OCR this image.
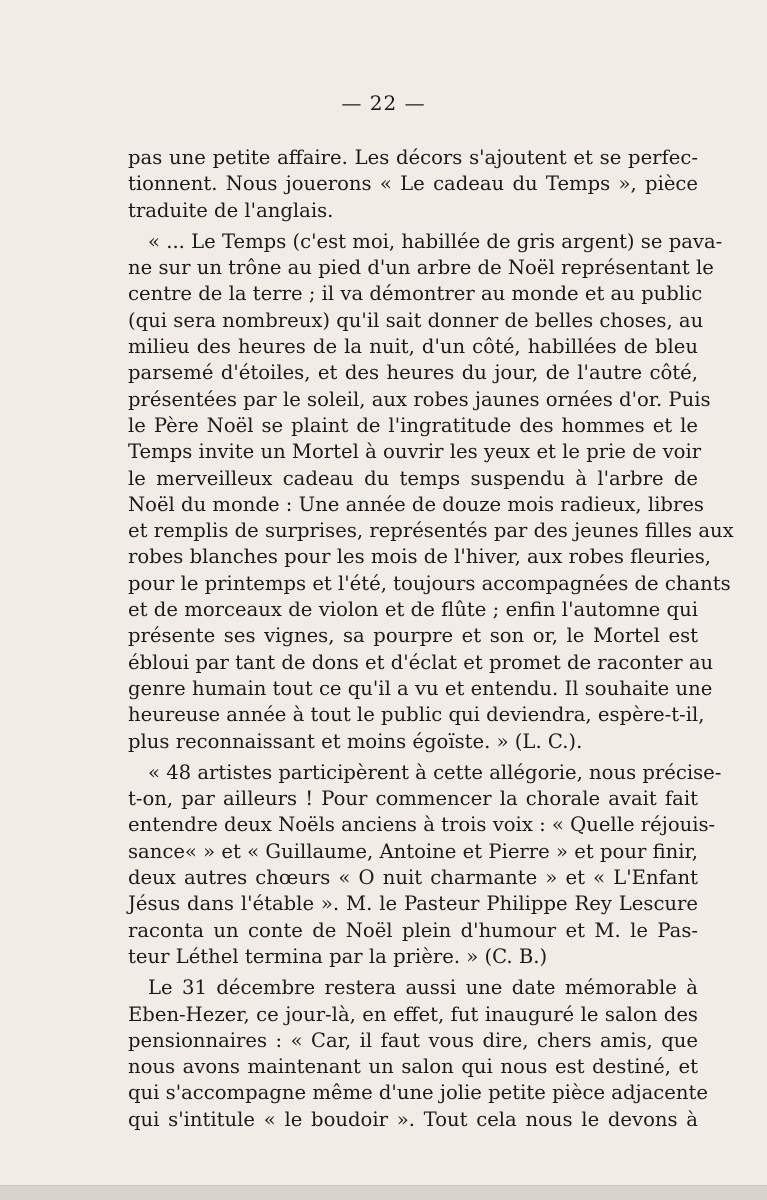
— 22 —
pas une petite affaire. Les décors s'ajoutent et se perfec-
tionnent. Nous jouerons « Le cadeau du Temps », pièce
traduite de l'anglais.
« ... Le Temps (c'est moi, habillée de gris argent) se pava-
ne sur un trône au pied d'un arbre de Noël représentant le
centre de la terre ; il va démontrer au monde et au public
(qui sera nombreux) qu'il sait donner de belles choses, au
milieu des heures de la nuit, d'un côté, habillées de bleu
parsemé d'étoiles, et des heures du jour, de l'autre côté,
présentées par le soleil, aux robes jaunes ornées d'or. Puis
le Père Noël se plaint de l'ingratitude des hommes et le
Temps invite un Mortel à ouvrir les yeux et le prie de voir
le merveilleux cadeau du temps suspendu à l'arbre de
Noël du monde : Une année de douze mois radieux, libres
et remplis de surprises, représentés par des jeunes filles aux
robes blanches pour les mois de l'hiver, aux robes fleuries,
pour le printemps et l'été, toujours accompagnées de chants
et de morceaux de violon et de flûte ; enfin l'automne qui
présente ses vignes, sa pourpre et son or, le Mortel est
ébloui par tant de dons et d'éclat et promet de raconter au
genre humain tout ce qu'il a vu et entendu. Il souhaite une
heureuse année à tout le public qui deviendra, espère-t-il,
plus reconnaissant et moins égoïste. » (L. C.).
« 48 artistes participèrent à cette allégorie, nous précise-
t-on, par ailleurs ! Pour commencer la chorale avait fait
entendre deux Noëls anciens à trois voix : « Quelle réjouis-
sance« » et « Guillaume, Antoine et Pierre » et pour finir,
deux autres chœurs « O nuit charmante » et « L'Enfant
Jésus dans l'étable ». M. le Pasteur Philippe Rey Lescure
raconta un conte de Noël plein d'humour et M. le Pas-
teur Léthel termina par la prière. » (C. B.)
Le 31 décembre restera aussi une date mémorable à
Eben-Hezer, ce jour-là, en effet, fut inauguré le salon des
pensionnaires : « Car, il faut vous dire, chers amis, que
nous avons maintenant un salon qui nous est destiné, et
qui s'accompagne même d'une jolie petite pièce adjacente
qui s'intitule « le boudoir ». Tout cela nous le devons à
